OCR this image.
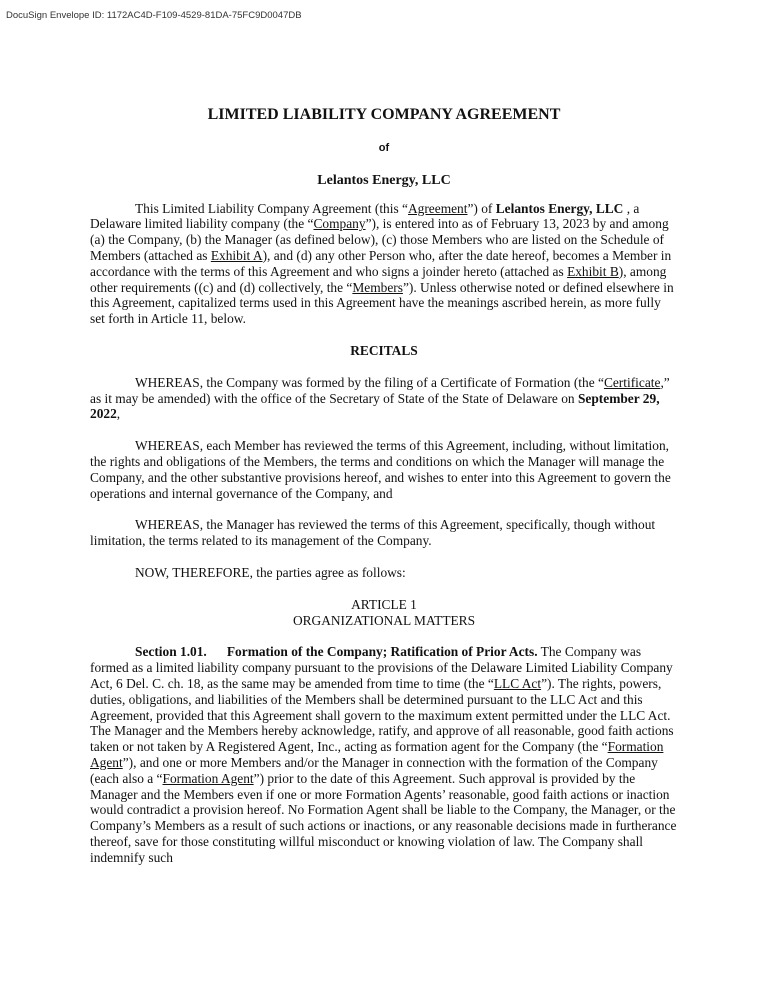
DocuSign Envelope ID: 1172AC4D-F109-4529-81DA-75FC9D0047DB
LIMITED LIABILITY COMPANY AGREEMENT
of
Lelantos Energy, LLC

This Limited Liability Company Agreement (this “Agreement”) of Lelantos Energy, LLC , a Delaware limited liability company (the “Company”), is entered into as of February 13, 2023 by and among (a) the Company, (b) the Manager (as defined below), (c) those Members who are listed on the Schedule of Members (attached as Exhibit A), and (d) any other Person who, after the date hereof, becomes a Member in accordance with the terms of this Agreement and who signs a joinder hereto (attached as Exhibit B), among other requirements ((c) and (d) collectively, the “Members”). Unless otherwise noted or defined elsewhere in this Agreement, capitalized terms used in this Agreement have the meanings ascribed herein, as more fully set forth in Article 11, below.

RECITALS

WHEREAS, the Company was formed by the filing of a Certificate of Formation (the “Certificate,” as it may be amended) with the office of the Secretary of State of the State of Delaware on September 29, 2022,

WHEREAS, each Member has reviewed the terms of this Agreement, including, without limitation, the rights and obligations of the Members, the terms and conditions on which the Manager will manage the Company, and the other substantive provisions hereof, and wishes to enter into this Agreement to govern the operations and internal governance of the Company, and

WHEREAS, the Manager has reviewed the terms of this Agreement, specifically, though without limitation, the terms related to its management of the Company.

NOW, THEREFORE, the parties agree as follows:

ARTICLE 1
ORGANIZATIONAL MATTERS

Section 1.01.      Formation of the Company; Ratification of Prior Acts. The Company was formed as a limited liability company pursuant to the provisions of the Delaware Limited Liability Company Act, 6 Del. C. ch. 18, as the same may be amended from time to time (the “LLC Act”). The rights, powers, duties, obligations, and liabilities of the Members shall be determined pursuant to the LLC Act and this Agreement, provided that this Agreement shall govern to the maximum extent permitted under the LLC Act. The Manager and the Members hereby acknowledge, ratify, and approve of all reasonable, good faith actions taken or not taken by A Registered Agent, Inc., acting as formation agent for the Company (the “Formation Agent”), and one or more Members and/or the Manager in connection with the formation of the Company (each also a “Formation Agent”) prior to the date of this Agreement. Such approval is provided by the Manager and the Members even if one or more Formation Agents’ reasonable, good faith actions or inaction would contradict a provision hereof. No Formation Agent shall be liable to the Company, the Manager, or the Company’s Members as a result of such actions or inactions, or any reasonable decisions made in furtherance thereof, save for those constituting willful misconduct or knowing violation of law. The Company shall indemnify such
